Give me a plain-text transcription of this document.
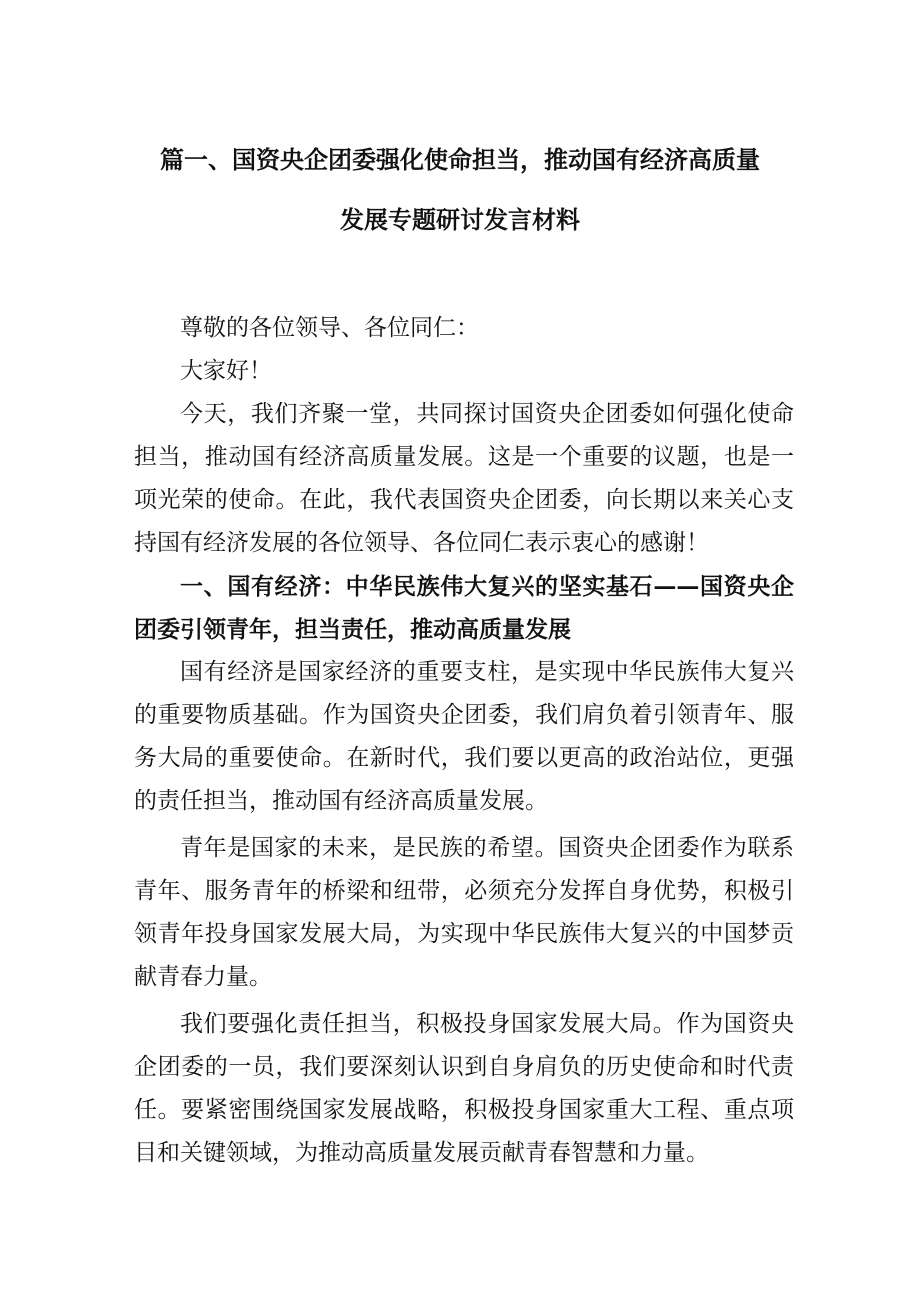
篇一、国资央企团委强化使命担当，推动国有经济高质量
发展专题研讨发言材料

尊敬的各位领导、各位同仁：

大家好！

今天，我们齐聚一堂，共同探讨国资央企团委如何强化使命担当，推动国有经济高质量发展。这是一个重要的议题，也是一项光荣的使命。在此，我代表国资央企团委，向长期以来关心支持国有经济发展的各位领导、各位同仁表示衷心的感谢！

一、国有经济：中华民族伟大复兴的坚实基石——国资央企团委引领青年，担当责任，推动高质量发展

国有经济是国家经济的重要支柱，是实现中华民族伟大复兴的重要物质基础。作为国资央企团委，我们肩负着引领青年、服务大局的重要使命。在新时代，我们要以更高的政治站位，更强的责任担当，推动国有经济高质量发展。

青年是国家的未来，是民族的希望。国资央企团委作为联系青年、服务青年的桥梁和纽带，必须充分发挥自身优势，积极引领青年投身国家发展大局，为实现中华民族伟大复兴的中国梦贡献青春力量。

我们要强化责任担当，积极投身国家发展大局。作为国资央企团委的一员，我们要深刻认识到自身肩负的历史使命和时代责任。要紧密围绕国家发展战略，积极投身国家重大工程、重点项目和关键领域，为推动高质量发展贡献青春智慧和力量。
